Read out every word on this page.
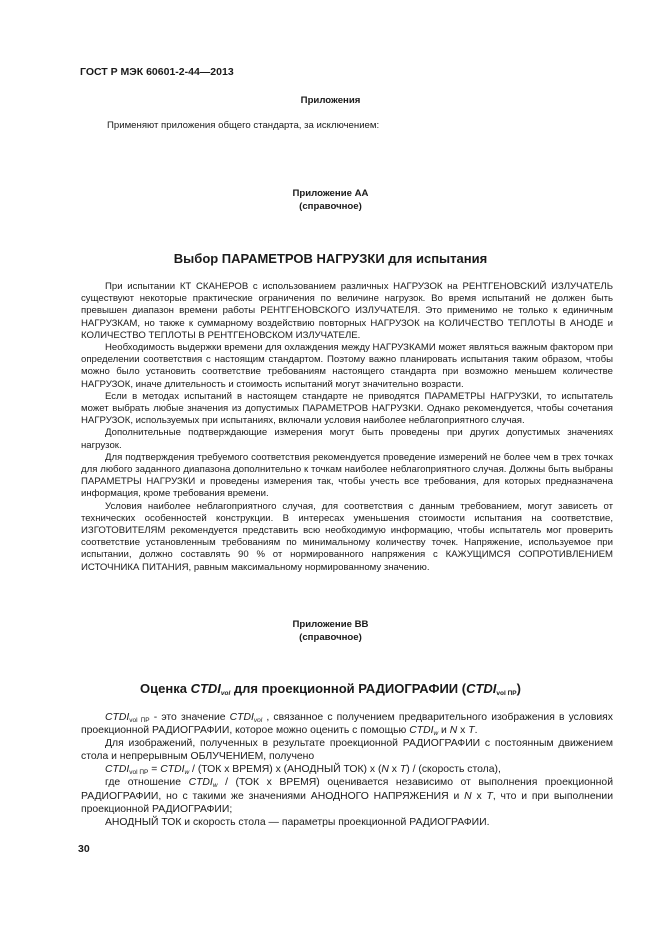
ГОСТ Р МЭК 60601-2-44—2013
Приложения
Применяют приложения общего стандарта, за исключением:
Приложение AA
(справочное)
Выбор ПАРАМЕТРОВ НАГРУЗКИ для испытания

При испытании КТ СКАНЕРОВ с использованием различных НАГРУЗОК на РЕНТГЕНОВСКИЙ ИЗЛУЧАТЕЛЬ существуют некоторые практические ограничения по величине нагрузок. Во время испытаний не должен быть превышен диапазон времени работы РЕНТГЕНОВСКОГО ИЗЛУЧАТЕЛЯ. Это применимо не только к единичным НАГРУЗКАМ, но также к суммарному воздействию повторных НАГРУЗОК на КОЛИЧЕСТВО ТЕПЛОТЫ В АНОДЕ и КОЛИЧЕСТВО ТЕПЛОТЫ В РЕНТГЕНОВСКОМ ИЗЛУЧАТЕЛЕ.

Необходимость выдержки времени для охлаждения между НАГРУЗКАМИ может являться важным фактором при определении соответствия с настоящим стандартом. Поэтому важно планировать испытания таким образом, чтобы можно было установить соответствие требованиям настоящего стандарта при возможно меньшем количестве НАГРУЗОК, иначе длительность и стоимость испытаний могут значительно возрасти.

Если в методах испытаний в настоящем стандарте не приводятся ПАРАМЕТРЫ НАГРУЗКИ, то испытатель может выбрать любые значения из допустимых ПАРАМЕТРОВ НАГРУЗКИ. Однако рекомендуется, чтобы сочетания НАГРУЗОК, используемых при испытаниях, включали условия наиболее неблагоприятного случая.

Дополнительные подтверждающие измерения могут быть проведены при других допустимых значениях нагрузок.

Для подтверждения требуемого соответствия рекомендуется проведение измерений не более чем в трех точках для любого заданного диапазона дополнительно к точкам наиболее неблагоприятного случая. Должны быть выбраны ПАРАМЕТРЫ НАГРУЗКИ и проведены измерения так, чтобы учесть все требования, для которых предназначена информация, кроме требования времени.

Условия наиболее неблагоприятного случая, для соответствия с данным требованием, могут зависеть от технических особенностей конструкции. В интересах уменьшения стоимости испытания на соответствие, ИЗГОТОВИТЕЛЯМ рекомендуется представить всю необходимую информацию, чтобы испытатель мог проверить соответствие установленным требованиям по минимальному количеству точек. Напряжение, используемое при испытании, должно составлять 90 % от нормированного напряжения с КАЖУЩИМСЯ СОПРОТИВЛЕНИЕМ ИСТОЧНИКА ПИТАНИЯ, равным максимальному нормированному значению.

Приложение BB
(справочное)
Оценка $CTDI_{vol}$ для проекционной РАДИОГРАФИИ $(CTDI_{vol ПР})$

$CTDI_{vol ПР}$ - это значение $CTDI_{vol}$ , связанное с получением предварительного изображения в условиях проекционной РАДИОГРАФИИ, которое можно оценить с помощью $CTDI_w$ и N х T.

Для изображений, полученных в результате проекционной РАДИОГРАФИИ с постоянным движением стола и непрерывным ОБЛУЧЕНИЕМ, получено

$CTDI_{vol ПР}$ = $CTDI_w / (ТОК$ х ВРЕМЯ) х (АНОДНЫЙ ТОК) х (N х T) / (скорость стола),

где отношение $CTDI_w / (ТОК$ х ВРЕМЯ) оценивается независимо от выполнения проекционной РАДИОГРАФИИ, но с такими же значениями АНОДНОГО НАПРЯЖЕНИЯ и N х T, что и при выполнении проекционной РАДИОГРАФИИ;

АНОДНЫЙ ТОК и скорость стола — параметры проекционной РАДИОГРАФИИ.

30
